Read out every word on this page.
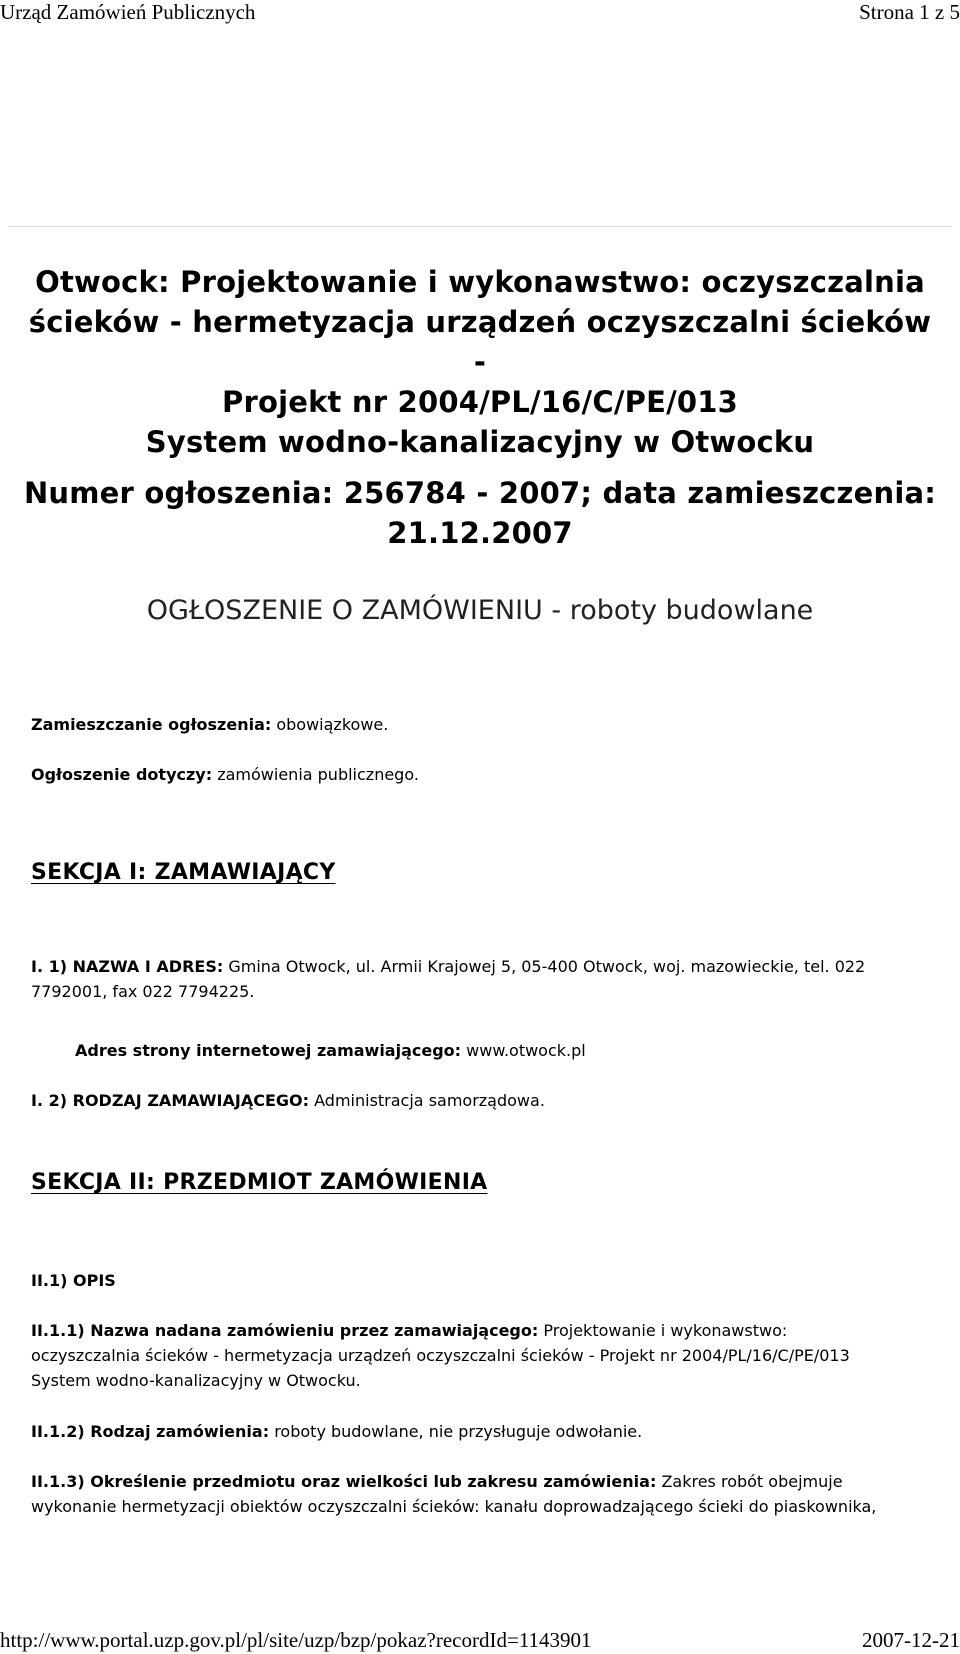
Urząd Zamówień Publicznych	Strona 1 z 5
Otwock: Projektowanie i wykonawstwo: oczyszczalnia
ścieków - hermetyzacja urządzeń oczyszczalni ścieków -
Projekt nr 2004/PL/16/C/PE/013
System wodno-kanalizacyjny w Otwocku
Numer ogłoszenia: 256784 - 2007; data zamieszczenia:
21.12.2007
OGŁOSZENIE O ZAMÓWIENIU - roboty budowlane
Zamieszczanie ogłoszenia: obowiązkowe.
Ogłoszenie dotyczy: zamówienia publicznego.
SEKCJA I: ZAMAWIAJĄCY
I. 1) NAZWA I ADRES: Gmina Otwock, ul. Armii Krajowej 5, 05-400 Otwock, woj. mazowieckie, tel. 022
7792001, fax 022 7794225.
Adres strony internetowej zamawiającego: www.otwock.pl
I. 2) RODZAJ ZAMAWIAJĄCEGO: Administracja samorządowa.
SEKCJA II: PRZEDMIOT ZAMÓWIENIA
II.1) OPIS
II.1.1) Nazwa nadana zamówieniu przez zamawiającego: Projektowanie i wykonawstwo:
oczyszczalnia ścieków - hermetyzacja urządzeń oczyszczalni ścieków - Projekt nr 2004/PL/16/C/PE/013
System wodno-kanalizacyjny w Otwocku.
II.1.2) Rodzaj zamówienia: roboty budowlane, nie przysługuje odwołanie.
II.1.3) Określenie przedmiotu oraz wielkości lub zakresu zamówienia: Zakres robót obejmuje
wykonanie hermetyzacji obiektów oczyszczalni ścieków: kanału doprowadzającego ścieki do piaskownika,
http://www.portal.uzp.gov.pl/pl/site/uzp/bzp/pokaz?recordId=1143901	2007-12-21
